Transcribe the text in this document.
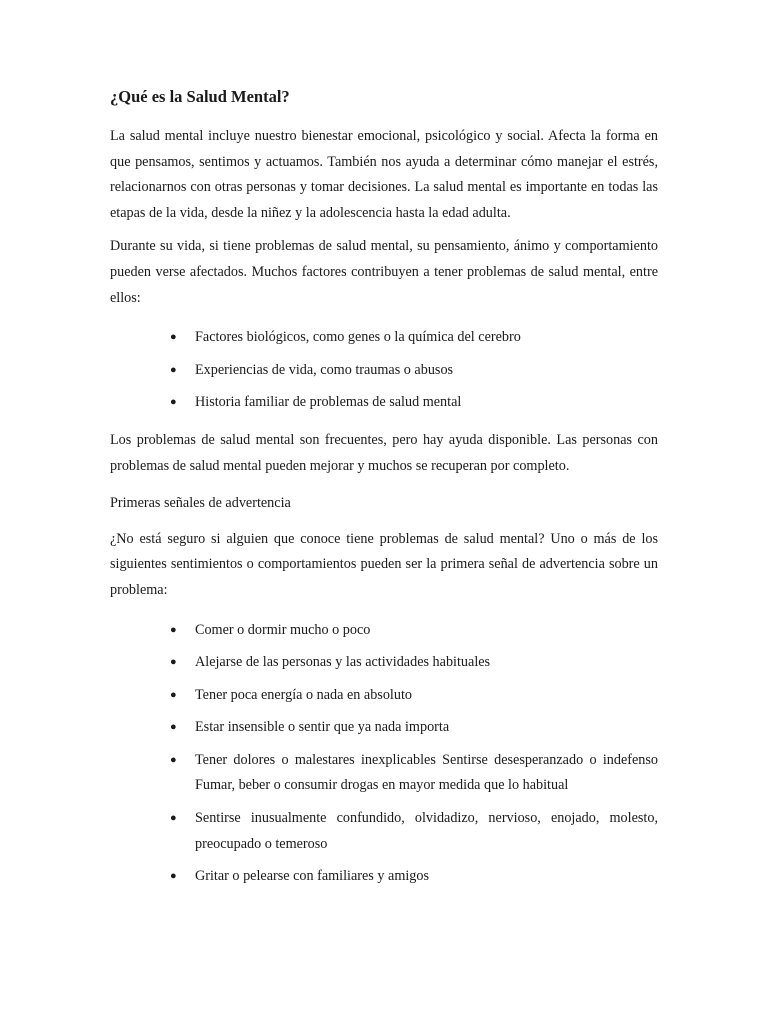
¿Qué es la Salud Mental?

La salud mental incluye nuestro bienestar emocional, psicológico y social. Afecta la forma en que pensamos, sentimos y actuamos. También nos ayuda a determinar cómo manejar el estrés, relacionarnos con otras personas y tomar decisiones. La salud mental es importante en todas las etapas de la vida, desde la niñez y la adolescencia hasta la edad adulta.

Durante su vida, si tiene problemas de salud mental, su pensamiento, ánimo y comportamiento pueden verse afectados. Muchos factores contribuyen a tener problemas de salud mental, entre ellos:

● Factores biológicos, como genes o la química del cerebro
● Experiencias de vida, como traumas o abusos
● Historia familiar de problemas de salud mental

Los problemas de salud mental son frecuentes, pero hay ayuda disponible. Las personas con problemas de salud mental pueden mejorar y muchos se recuperan por completo.

Primeras señales de advertencia

¿No está seguro si alguien que conoce tiene problemas de salud mental? Uno o más de los siguientes sentimientos o comportamientos pueden ser la primera señal de advertencia sobre un problema:

● Comer o dormir mucho o poco
● Alejarse de las personas y las actividades habituales
● Tener poca energía o nada en absoluto
● Estar insensible o sentir que ya nada importa
● Tener dolores o malestares inexplicables Sentirse desesperanzado o indefenso Fumar, beber o consumir drogas en mayor medida que lo habitual
● Sentirse inusualmente confundido, olvidadizo, nervioso, enojado, molesto, preocupado o temeroso
● Gritar o pelearse con familiares y amigos
